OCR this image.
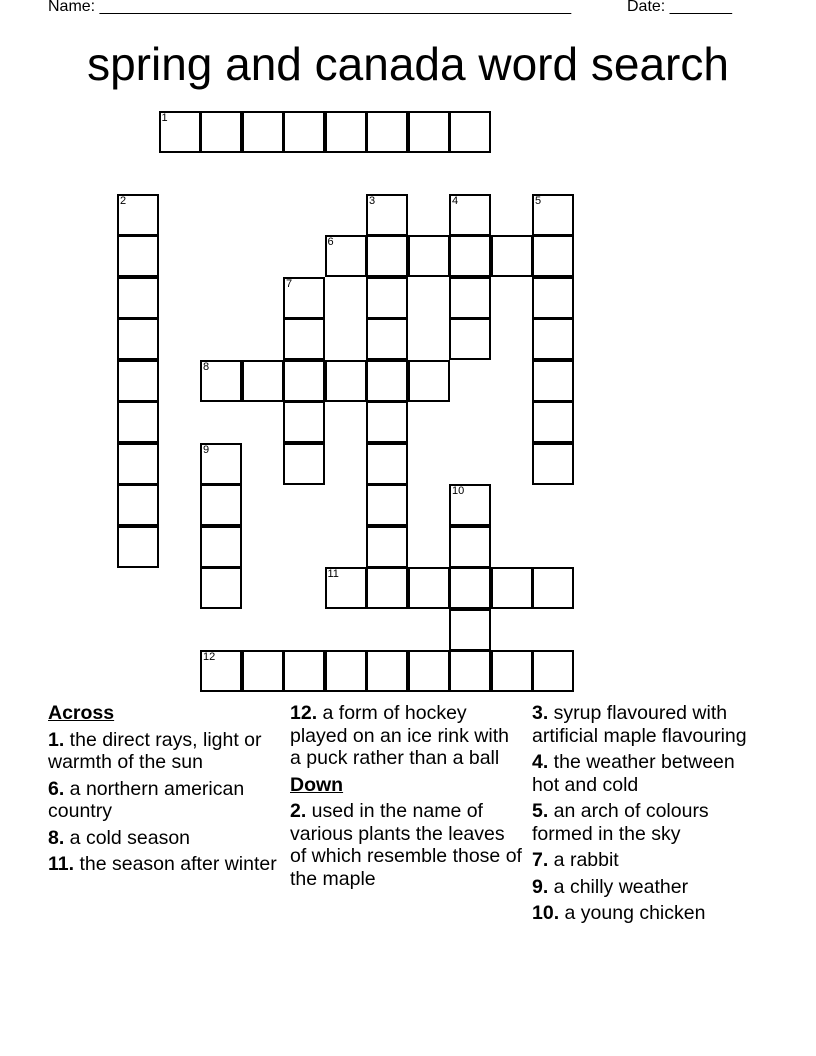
Name: _____________________________________________________	Date: _______
spring and canada word search
1
2	3	4	5
6
7
8
9
10
11
12
Across
1. the direct rays, light or warmth of the sun
6. a northern american country
8. a cold season
11. the season after winter
12. a form of hockey played on an ice rink with a puck rather than a ball
Down
2. used in the name of various plants the leaves of which resemble those of the maple
3. syrup flavoured with artificial maple flavouring
4. the weather between hot and cold
5. an arch of colours formed in the sky
7. a rabbit
9. a chilly weather
10. a young chicken
